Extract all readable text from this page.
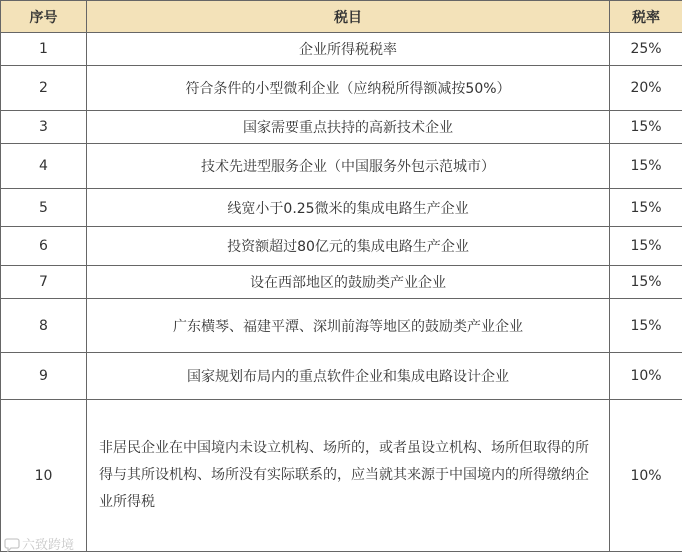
序号	税目	税率
1	企业所得税税率	25%
2	符合条件的小型微利企业（应纳税所得额减按50%）	20%
3	国家需要重点扶持的高新技术企业	15%
4	技术先进型服务企业（中国服务外包示范城市）	15%
5	线宽小于0.25微米的集成电路生产企业	15%
6	投资额超过80亿元的集成电路生产企业	15%
7	设在西部地区的鼓励类产业企业	15%
8	广东横琴、福建平潭、深圳前海等地区的鼓励类产业企业	15%
9	国家规划布局内的重点软件企业和集成电路设计企业	10%
10	非居民企业在中国境内未设立机构、场所的，或者虽设立机构、场所但取得的所得与其所设机构、场所没有实际联系的，应当就其来源于中国境内的所得缴纳企业所得税	10%
六致跨境
